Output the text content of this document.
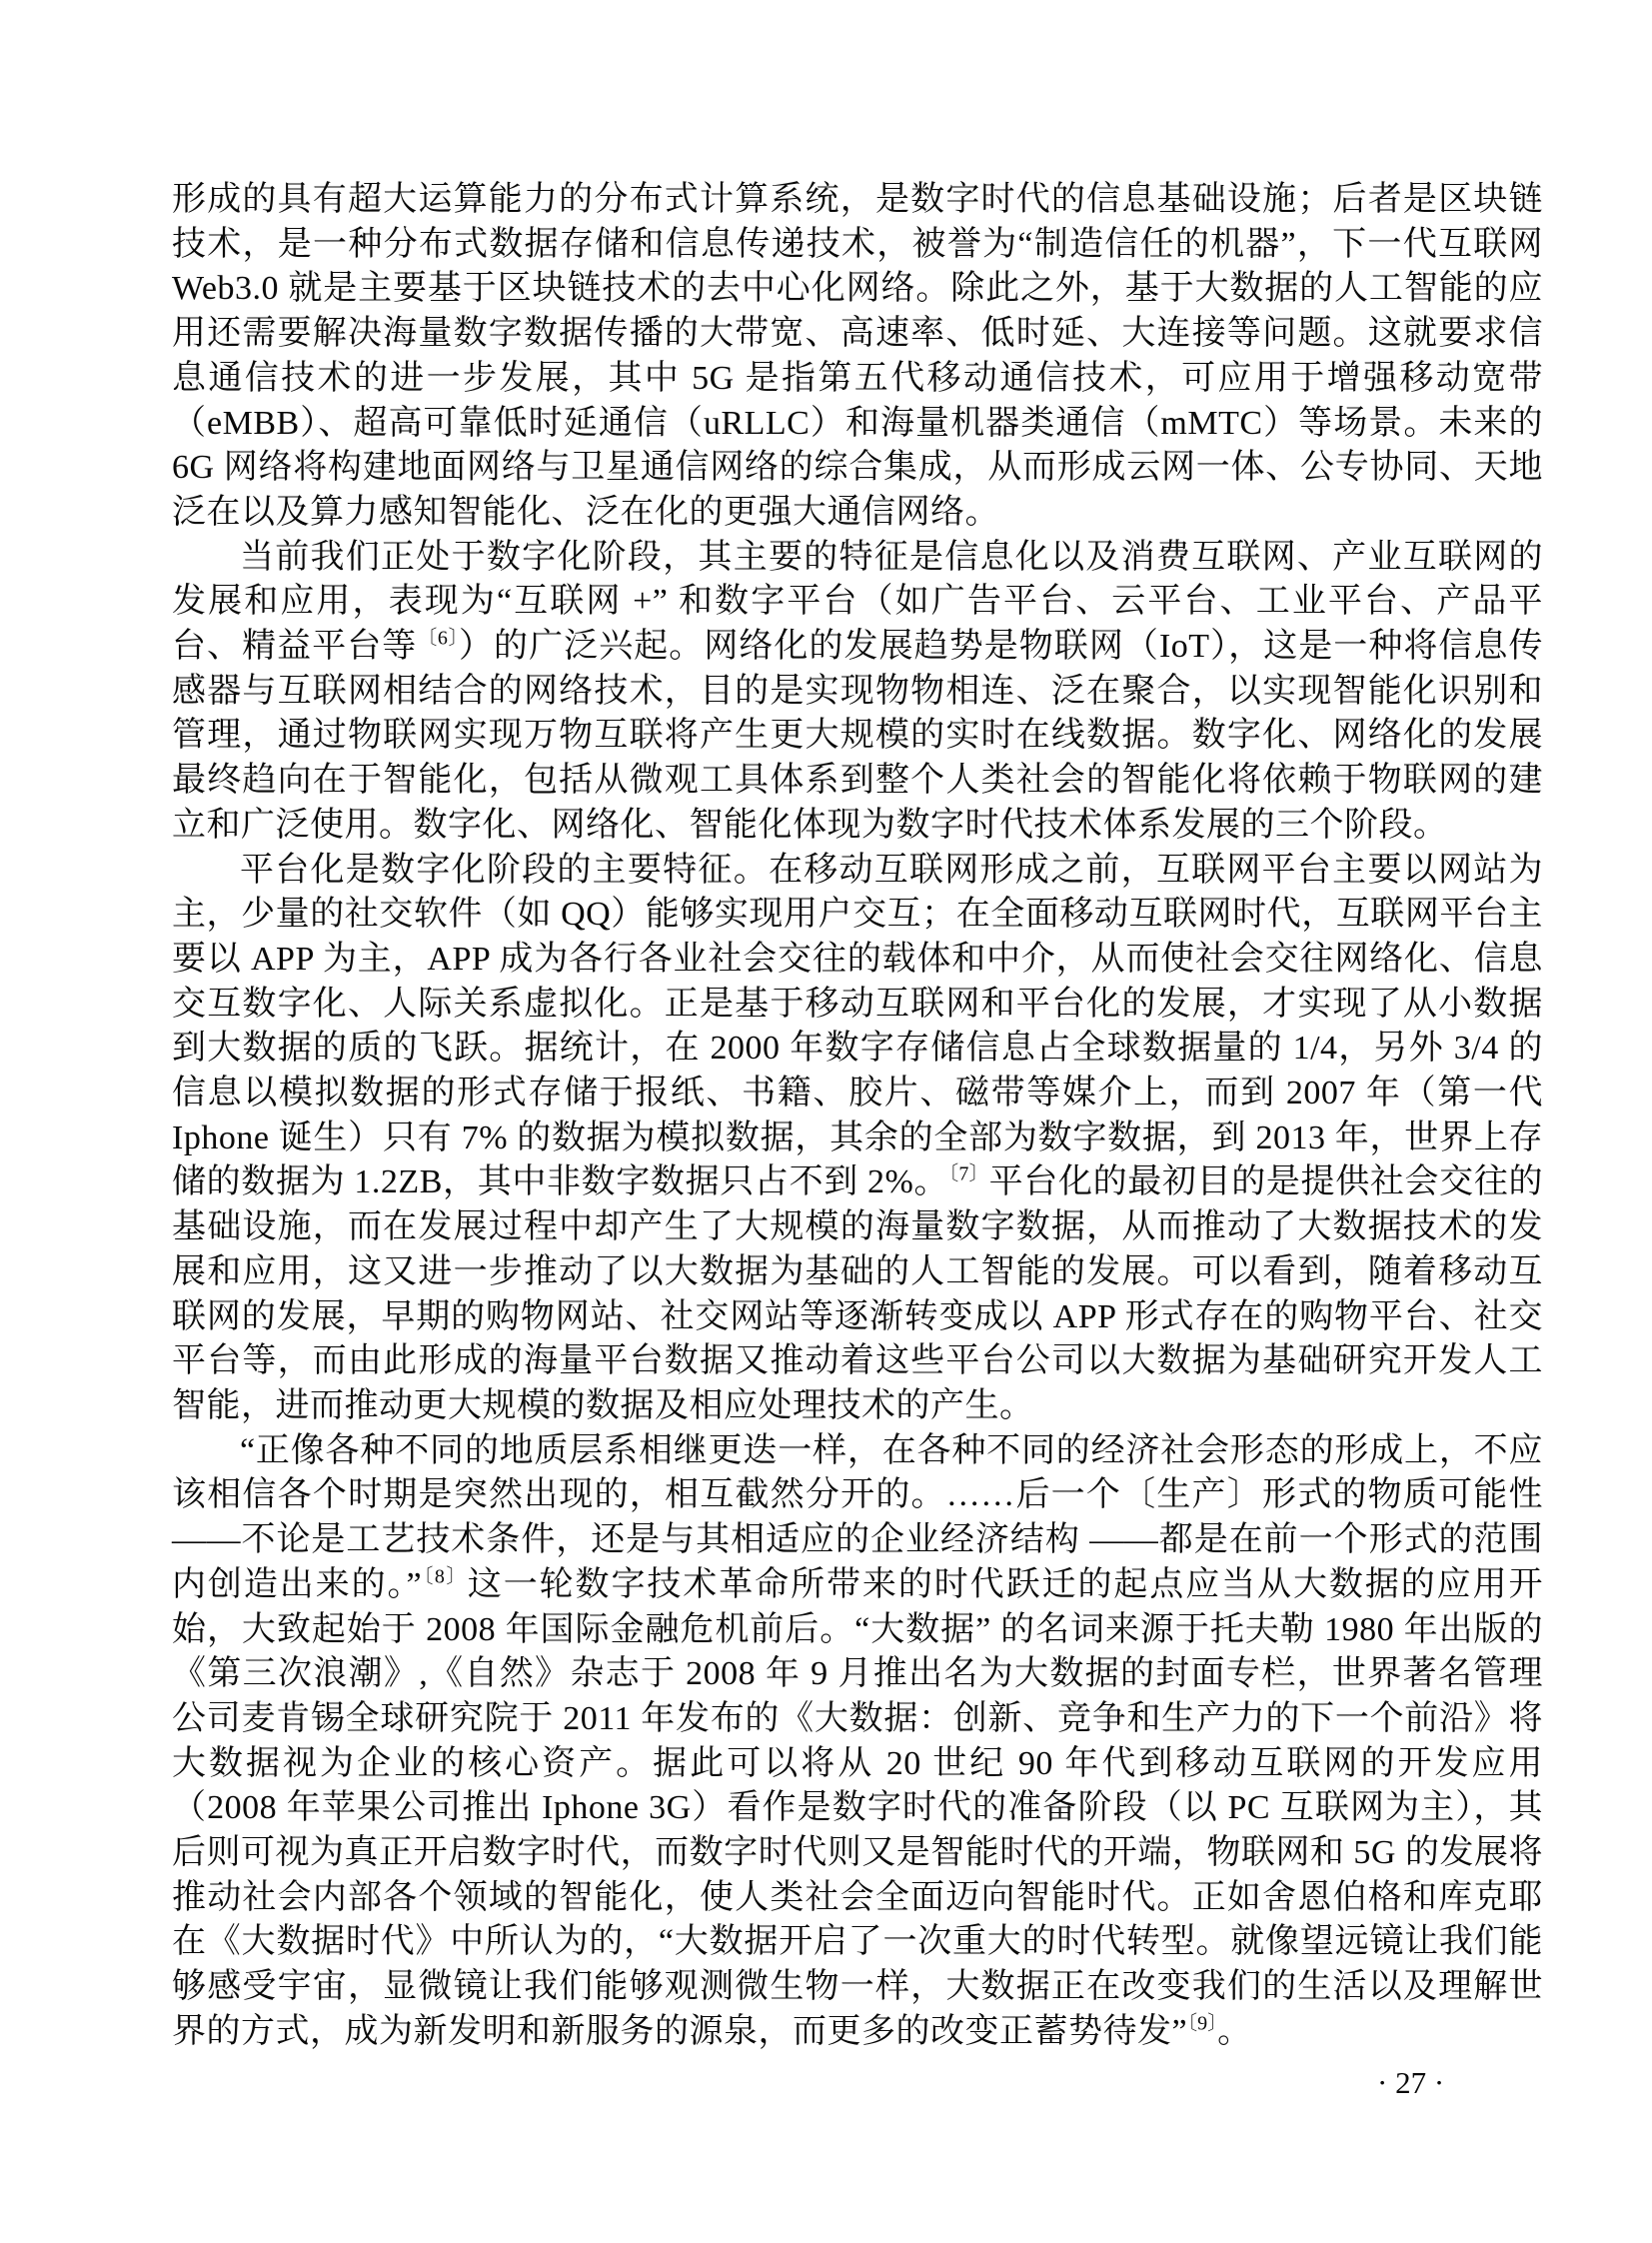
形成的具有超大运算能力的分布式计算系统，是数字时代的信息基础设施；后者是区块链技术，是一种分布式数据存储和信息传递技术，被誉为“制造信任的机器”，下一代互联网 Web3.0 就是主要基于区块链技术的去中心化网络。除此之外，基于大数据的人工智能的应用还需要解决海量数字数据传播的大带宽、高速率、低时延、大连接等问题。这就要求信息通信技术的进一步发展，其中 5G 是指第五代移动通信技术，可应用于增强移动宽带（eMBB）、超高可靠低时延通信（uRLLC）和海量机器类通信（mMTC）等场景。未来的 6G 网络将构建地面网络与卫星通信网络的综合集成，从而形成云网一体、公专协同、天地泛在以及算力感知智能化、泛在化的更强大通信网络。

当前我们正处于数字化阶段，其主要的特征是信息化以及消费互联网、产业互联网的发展和应用，表现为“互联网 +” 和数字平台（如广告平台、云平台、工业平台、产品平台、精益平台等$^{〔6〕}$）的广泛兴起。网络化的发展趋势是物联网（IoT），这是一种将信息传感器与互联网相结合的网络技术，目的是实现物物相连、泛在聚合，以实现智能化识别和管理，通过物联网实现万物互联将产生更大规模的实时在线数据。数字化、网络化的发展最终趋向在于智能化，包括从微观工具体系到整个人类社会的智能化将依赖于物联网的建立和广泛使用。数字化、网络化、智能化体现为数字时代技术体系发展的三个阶段。

平台化是数字化阶段的主要特征。在移动互联网形成之前，互联网平台主要以网站为主，少量的社交软件（如 QQ）能够实现用户交互；在全面移动互联网时代，互联网平台主要以 APP 为主，APP 成为各行各业社会交往的载体和中介，从而使社会交往网络化、信息交互数字化、人际关系虚拟化。正是基于移动互联网和平台化的发展，才实现了从小数据到大数据的质的飞跃。据统计，在 2000 年数字存储信息占全球数据量的 1/4，另外 3/4 的信息以模拟数据的形式存储于报纸、书籍、胶片、磁带等媒介上，而到 2007 年（第一代 Iphone 诞生）只有 7% 的数据为模拟数据，其余的全部为数字数据，到 2013 年，世界上存储的数据为 1.2ZB，其中非数字数据只占不到 2%。$^{〔7〕}$平台化的最初目的是提供社会交往的基础设施，而在发展过程中却产生了大规模的海量数字数据，从而推动了大数据技术的发展和应用，这又进一步推动了以大数据为基础的人工智能的发展。可以看到，随着移动互联网的发展，早期的购物网站、社交网站等逐渐转变成以 APP 形式存在的购物平台、社交平台等，而由此形成的海量平台数据又推动着这些平台公司以大数据为基础研究开发人工智能，进而推动更大规模的数据及相应处理技术的产生。

“正像各种不同的地质层系相继更迭一样，在各种不同的经济社会形态的形成上，不应该相信各个时期是突然出现的，相互截然分开的。……后一个〔生产〕形式的物质可能性——不论是工艺技术条件，还是与其相适应的企业经济结构 ——都是在前一个形式的范围内创造出来的。”$^{〔8〕}$这一轮数字技术革命所带来的时代跃迁的起点应当从大数据的应用开始，大致起始于 2008 年国际金融危机前后。“大数据” 的名词来源于托夫勒 1980 年出版的《第三次浪潮》,《自然》杂志于 2008 年 9 月推出名为大数据的封面专栏，世界著名管理公司麦肯锡全球研究院于 2011 年发布的《大数据：创新、竞争和生产力的下一个前沿》将大数据视为企业的核心资产。据此可以将从 20 世纪 90 年代到移动互联网的开发应用（2008 年苹果公司推出 Iphone 3G）看作是数字时代的准备阶段（以 PC 互联网为主），其后则可视为真正开启数字时代，而数字时代则又是智能时代的开端，物联网和 5G 的发展将推动社会内部各个领域的智能化，使人类社会全面迈向智能时代。正如舍恩伯格和库克耶在《大数据时代》中所认为的，“大数据开启了一次重大的时代转型。就像望远镜让我们能够感受宇宙，显微镜让我们能够观测微生物一样，大数据正在改变我们的生活以及理解世界的方式，成为新发明和新服务的源泉，而更多的改变正蓄势待发”$^{〔9〕}$。

· 27 ·
